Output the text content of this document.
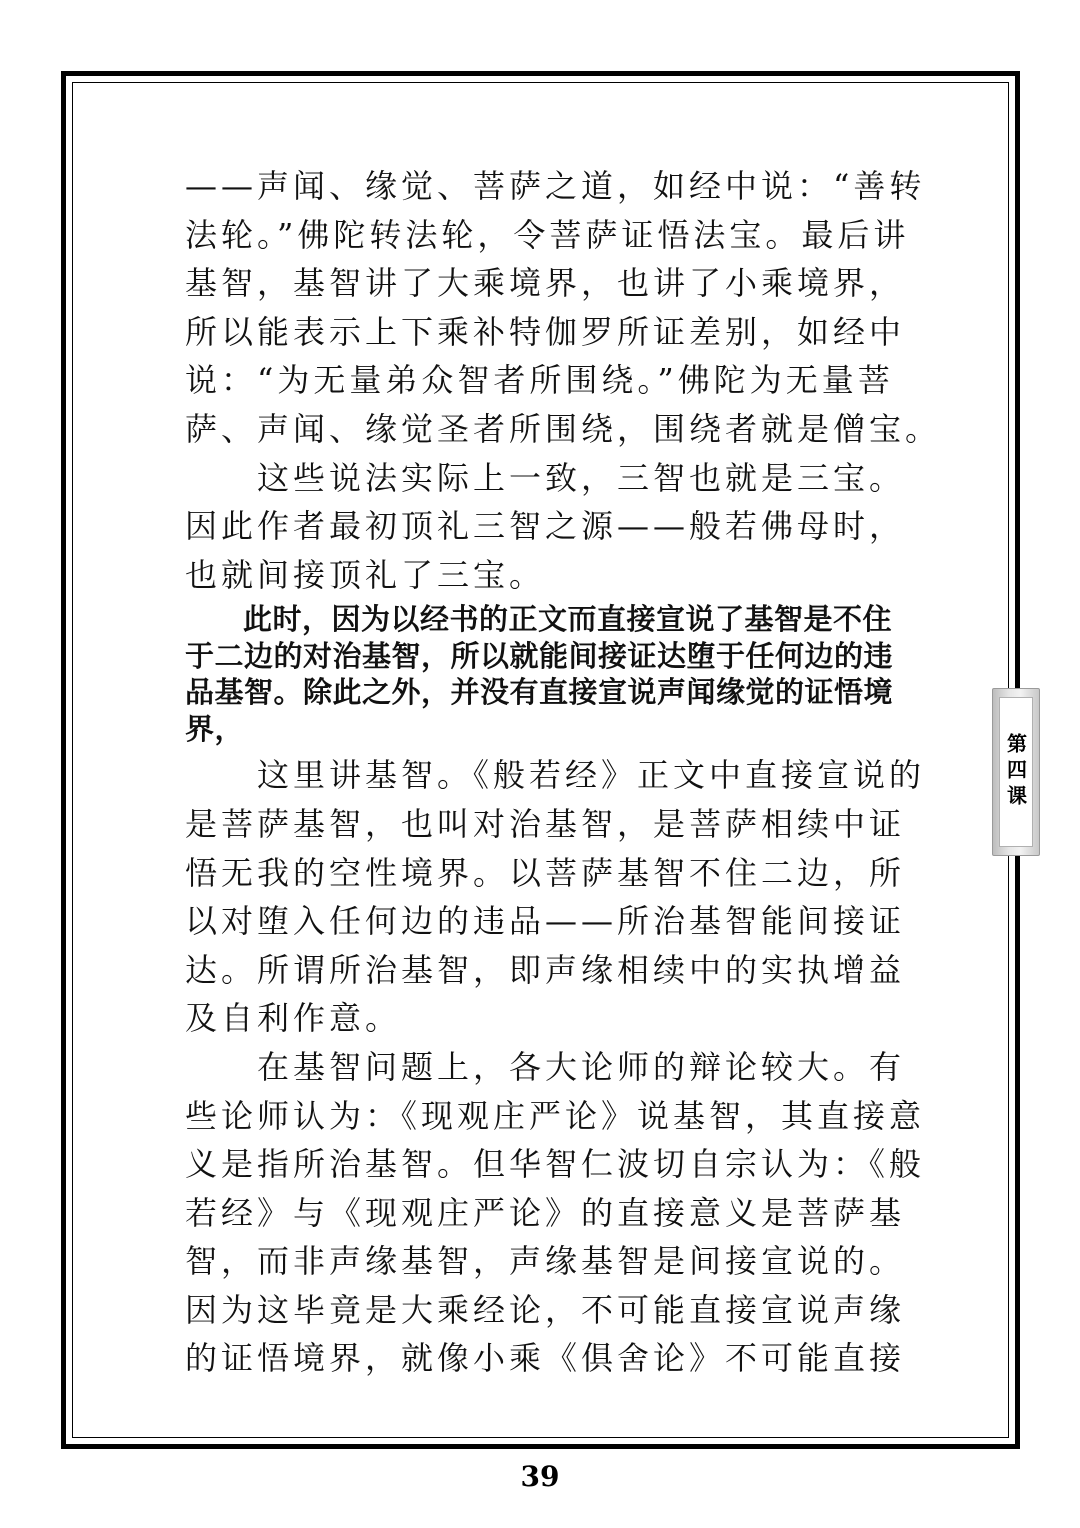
——声闻、缘觉、菩萨之道，如经中说：“善转
法轮。”佛陀转法轮，令菩萨证悟法宝。最后讲
基智，基智讲了大乘境界，也讲了小乘境界，
所以能表示上下乘补特伽罗所证差别，如经中
说：“为无量弟众智者所围绕。”佛陀为无量菩
萨、声闻、缘觉圣者所围绕，围绕者就是僧宝。
这些说法实际上一致，三智也就是三宝。
因此作者最初顶礼三智之源——般若佛母时，
也就间接顶礼了三宝。
此时，因为以经书的正文而直接宣说了基智是不住
于二边的对治基智，所以就能间接证达堕于任何边的违
品基智。除此之外，并没有直接宣说声闻缘觉的证悟境
界，
这里讲基智。《般若经》正文中直接宣说的
是菩萨基智，也叫对治基智，是菩萨相续中证
悟无我的空性境界。以菩萨基智不住二边，所
以对堕入任何边的违品——所治基智能间接证
达。所谓所治基智，即声缘相续中的实执增益
及自利作意。
在基智问题上，各大论师的辩论较大。有
些论师认为：《现观庄严论》说基智，其直接意
义是指所治基智。但华智仁波切自宗认为：《般
若经》与《现观庄严论》的直接意义是菩萨基
智，而非声缘基智，声缘基智是间接宣说的。
因为这毕竟是大乘经论，不可能直接宣说声缘
的证悟境界，就像小乘《俱舍论》不可能直接
第四课
39
